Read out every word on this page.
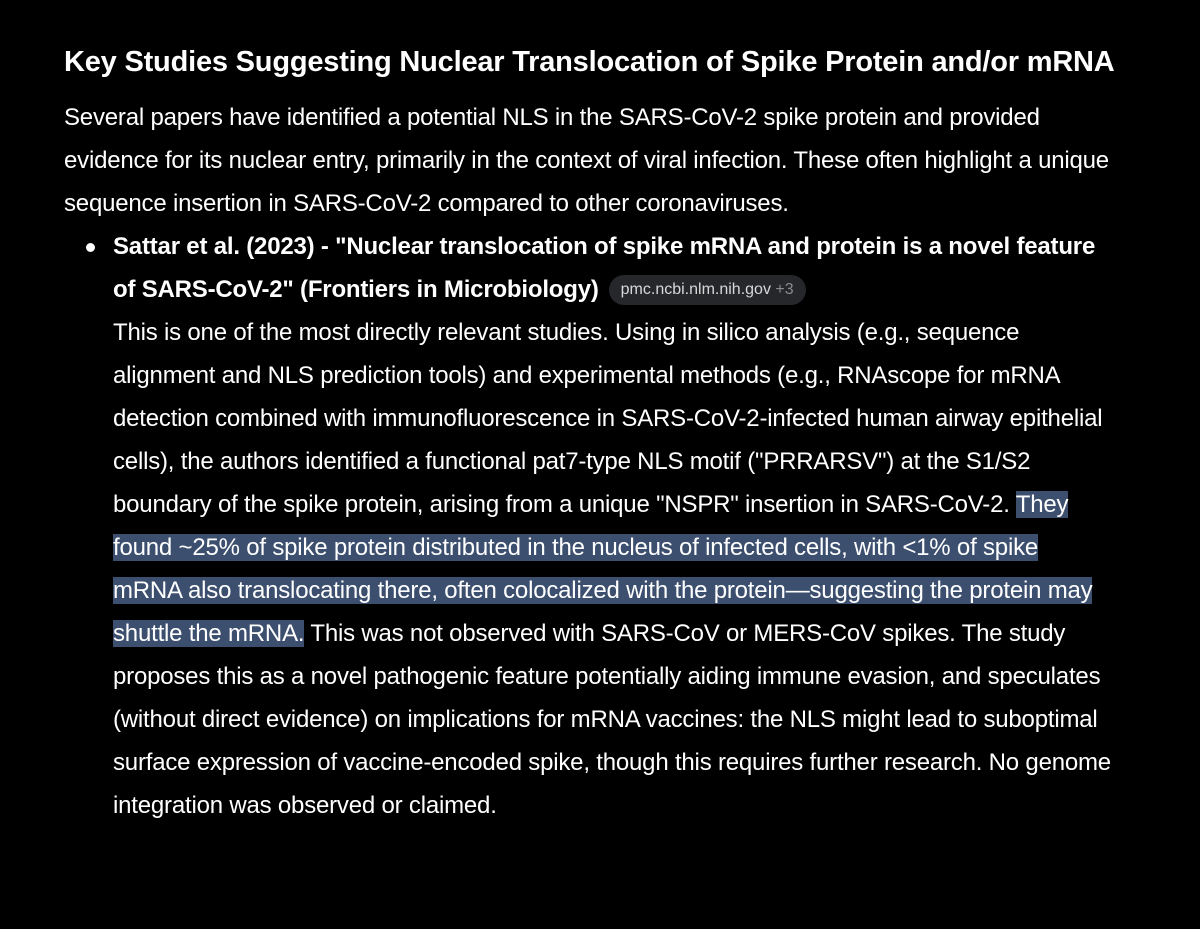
Key Studies Suggesting Nuclear Translocation of Spike Protein and/or mRNA

Several papers have identified a potential NLS in the SARS-CoV-2 spike protein and provided evidence for its nuclear entry, primarily in the context of viral infection. These often highlight a unique sequence insertion in SARS-CoV-2 compared to other coronaviruses.

Sattar et al. (2023) - "Nuclear translocation of spike mRNA and protein is a novel feature of SARS-CoV-2" (Frontiers in Microbiology) pmc.ncbi.nlm.nih.gov +3
This is one of the most directly relevant studies. Using in silico analysis (e.g., sequence alignment and NLS prediction tools) and experimental methods (e.g., RNAscope for mRNA detection combined with immunofluorescence in SARS-CoV-2-infected human airway epithelial cells), the authors identified a functional pat7-type NLS motif ("PRRARSV") at the S1/S2 boundary of the spike protein, arising from a unique "NSPR" insertion in SARS-CoV-2. They found ~25% of spike protein distributed in the nucleus of infected cells, with <1% of spike mRNA also translocating there, often colocalized with the protein—suggesting the protein may shuttle the mRNA. This was not observed with SARS-CoV or MERS-CoV spikes. The study proposes this as a novel pathogenic feature potentially aiding immune evasion, and speculates (without direct evidence) on implications for mRNA vaccines: the NLS might lead to suboptimal surface expression of vaccine-encoded spike, though this requires further research. No genome integration was observed or claimed.
